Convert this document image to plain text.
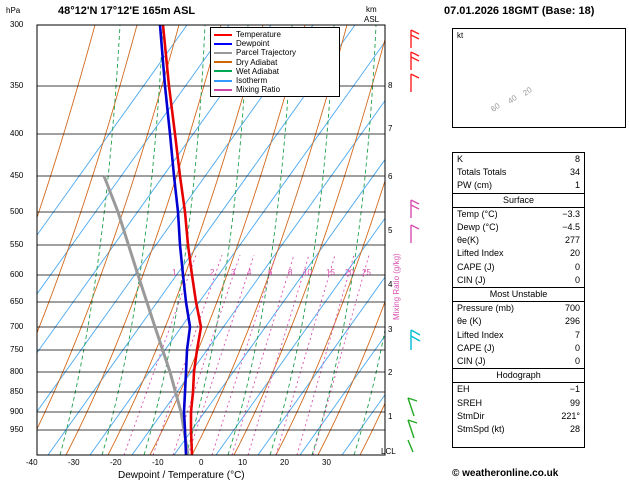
hPa	48°12'N 17°12'E 165m ASL	km
ASL
07.01.2026 18GMT (Base: 18)
Temperature
Dewpoint
Parcel Trajectory
Dry Adiabat
Wet Adiabat
Isotherm
Mixing Ratio
300
350
400
450
500
550
600
650
700
750
800
850
900
950
8
7
6
5
4
3
2
1
LCL
Mixing Ratio (g/kg)
1	2 3 4 6 8 10 15 20 25
-40	-30	-20	-10	0	10	20	30
Dewpoint / Temperature (°C)
kt
60
40
20
K	8
Totals Totals	34
PW (cm)	1
Surface
Temp (°C)	−3.3
Dewp (°C)	−4.5
θe(K)	277
Lifted Index	20
CAPE (J)	0
CIN (J)	0
Most Unstable
Pressure (mb)	700
θe (K)	296
Lifted Index	7
CAPE (J)	0
CIN (J)	0
Hodograph
EH	−1
SREH	99
StmDir	221°
StmSpd (kt)	28
© weatheronline.co.uk
